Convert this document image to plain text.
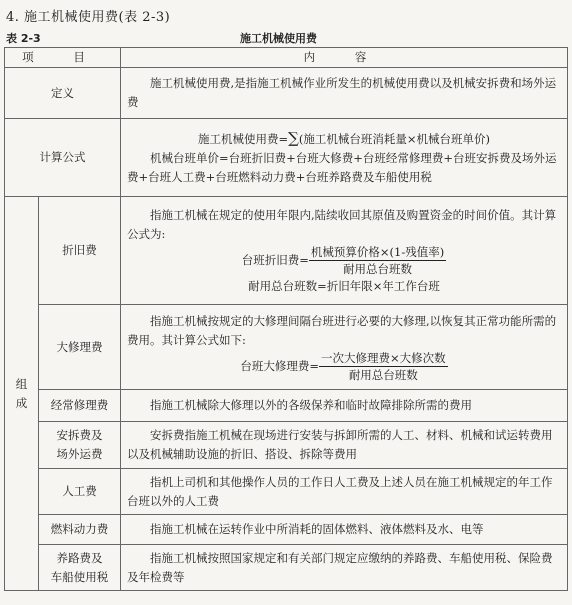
4. 施工机械使用费(表 2-3)
表 2-3	施工机械使用费
项 目		内 容
定义		施工机械使用费,是指施工机械作业所发生的机械使用费以及机械安拆费和场外运费
计算公式		施工机械使用费=∑(施工机械台班消耗量×机械台班单价)

机械台班单价=台班折旧费+台班大修费+台班经常修理费+台班安拆费及场外运费+台班人工费+台班燃料动力费+台班养路费及车船使用税

组成	折旧费	指施工机械在规定的使用年限内,陆续收回其原值及购置资金的时间价值。其计算公式为:

台班折旧费= $\frac{\text{机械预算价格×(1-残值率)}}{\text{耐用总台班数}}$

耐用总台班数=折旧年限×年工作台班

	大修理费	指施工机械按规定的大修理间隔台班进行必要的大修理,以恢复其正常功能所需的费用。其计算公式如下:

台班大修理费= $\frac{\text{一次大修理费×大修次数}}{\text{耐用总台班数}}$

	经常修理费	指施工机械除大修理以外的各级保养和临时故障排除所需的费用
	安拆费及
场外运费	安拆费指施工机械在现场进行安装与拆卸所需的人工、材料、机械和试运转费用以及机械辅助设施的折旧、搭设、拆除等费用
	人工费	指机上司机和其他操作人员的工作日人工费及上述人员在施工机械规定的年工作台班以外的人工费
	燃料动力费	指施工机械在运转作业中所消耗的固体燃料、液体燃料及水、电等
	养路费及
车船使用税	指施工机械按照国家规定和有关部门规定应缴纳的养路费、车船使用税、保险费及年检费等
